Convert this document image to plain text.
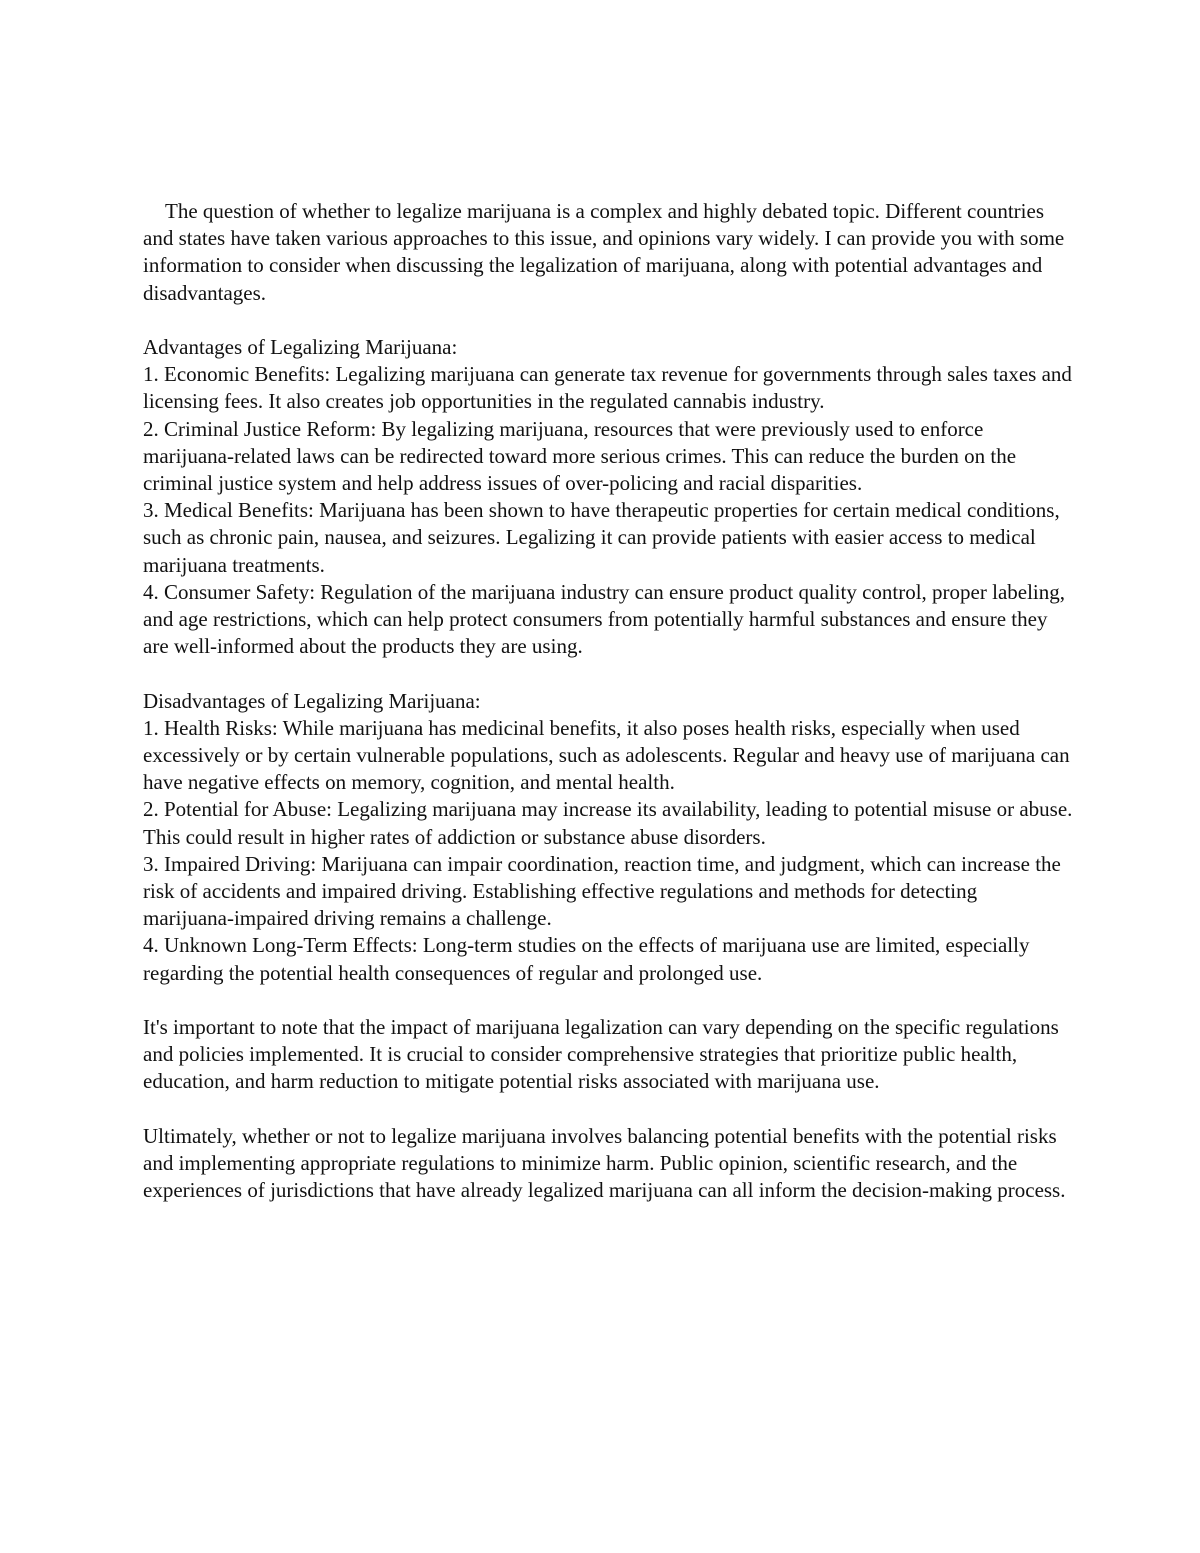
The question of whether to legalize marijuana is a complex and highly debated topic. Different countries and states have taken various approaches to this issue, and opinions vary widely. I can provide you with some information to consider when discussing the legalization of marijuana, along with potential advantages and disadvantages.

Advantages of Legalizing Marijuana:

1. Economic Benefits: Legalizing marijuana can generate tax revenue for governments through sales taxes and licensing fees. It also creates job opportunities in the regulated cannabis industry.
2. Criminal Justice Reform: By legalizing marijuana, resources that were previously used to enforce marijuana-related laws can be redirected toward more serious crimes. This can reduce the burden on the criminal justice system and help address issues of over-policing and racial disparities.
3. Medical Benefits: Marijuana has been shown to have therapeutic properties for certain medical conditions, such as chronic pain, nausea, and seizures. Legalizing it can provide patients with easier access to medical marijuana treatments.
4. Consumer Safety: Regulation of the marijuana industry can ensure product quality control, proper labeling, and age restrictions, which can help protect consumers from potentially harmful substances and ensure they are well-informed about the products they are using.

Disadvantages of Legalizing Marijuana:

1. Health Risks: While marijuana has medicinal benefits, it also poses health risks, especially when used excessively or by certain vulnerable populations, such as adolescents. Regular and heavy use of marijuana can have negative effects on memory, cognition, and mental health.
2. Potential for Abuse: Legalizing marijuana may increase its availability, leading to potential misuse or abuse. This could result in higher rates of addiction or substance abuse disorders.
3. Impaired Driving: Marijuana can impair coordination, reaction time, and judgment, which can increase the risk of accidents and impaired driving. Establishing effective regulations and methods for detecting marijuana-impaired driving remains a challenge.
4. Unknown Long-Term Effects: Long-term studies on the effects of marijuana use are limited, especially regarding the potential health consequences of regular and prolonged use.

It's important to note that the impact of marijuana legalization can vary depending on the specific regulations and policies implemented. It is crucial to consider comprehensive strategies that prioritize public health, education, and harm reduction to mitigate potential risks associated with marijuana use.

Ultimately, whether or not to legalize marijuana involves balancing potential benefits with the potential risks and implementing appropriate regulations to minimize harm. Public opinion, scientific research, and the experiences of jurisdictions that have already legalized marijuana can all inform the decision-making process.
